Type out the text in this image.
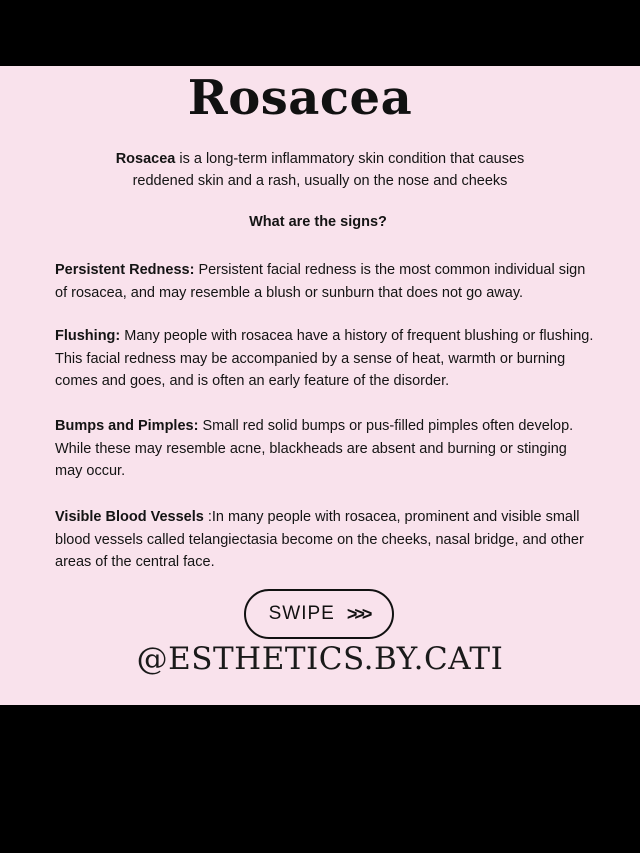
Rosacea

Rosacea is a long-term inflammatory skin condition that causes reddened skin and a rash, usually on the nose and cheeks

What are the signs?

Persistent Redness: Persistent facial redness is the most common individual sign of rosacea, and may resemble a blush or sunburn that does not go away.

Flushing: Many people with rosacea have a history of frequent blushing or flushing. This facial redness may be accompanied by a sense of heat, warmth or burning comes and goes, and is often an early feature of the disorder.

Bumps and Pimples: Small red solid bumps or pus-filled pimples often develop. While these may resemble acne, blackheads are absent and burning or stinging may occur.

Visible Blood Vessels :In many people with rosacea, prominent and visible small blood vessels called telangiectasia become on the cheeks, nasal bridge, and other areas of the central face.

SWIPE >>>

@ESTHETICS.BY.CATI
